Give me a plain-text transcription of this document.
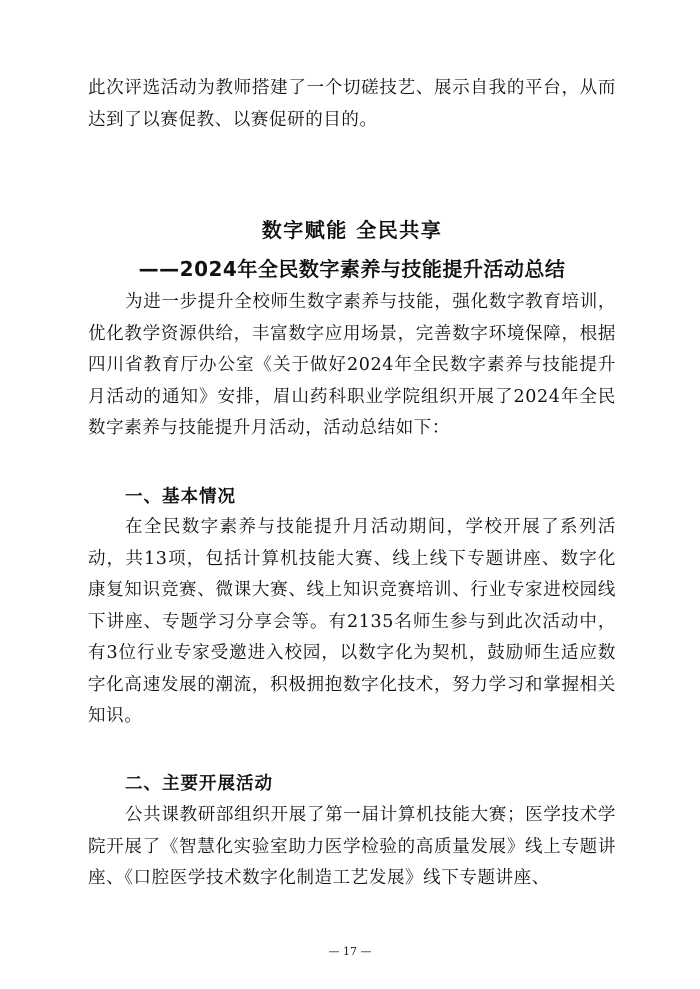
此次评选活动为教师搭建了一个切磋技艺、展示自我的平台，从而达到了以赛促教、以赛促研的目的。

数字赋能 全民共享
——2024年全民数字素养与技能提升活动总结

为进一步提升全校师生数字素养与技能，强化数字教育培训，优化教学资源供给，丰富数字应用场景，完善数字环境保障，根据四川省教育厅办公室《关于做好2024年全民数字素养与技能提升月活动的通知》安排，眉山药科职业学院组织开展了2024年全民数字素养与技能提升月活动，活动总结如下：

一、基本情况

在全民数字素养与技能提升月活动期间，学校开展了系列活动，共13项，包括计算机技能大赛、线上线下专题讲座、数字化康复知识竞赛、微课大赛、线上知识竞赛培训、行业专家进校园线下讲座、专题学习分享会等。有2135名师生参与到此次活动中，有3位行业专家受邀进入校园，以数字化为契机，鼓励师生适应数字化高速发展的潮流，积极拥抱数字化技术，努力学习和掌握相关知识。

二、主要开展活动

公共课教研部组织开展了第一届计算机技能大赛；医学技术学院开展了《智慧化实验室助力医学检验的高质量发展》线上专题讲座、《口腔医学技术数字化制造工艺发展》线下专题讲座、

— 17 —
